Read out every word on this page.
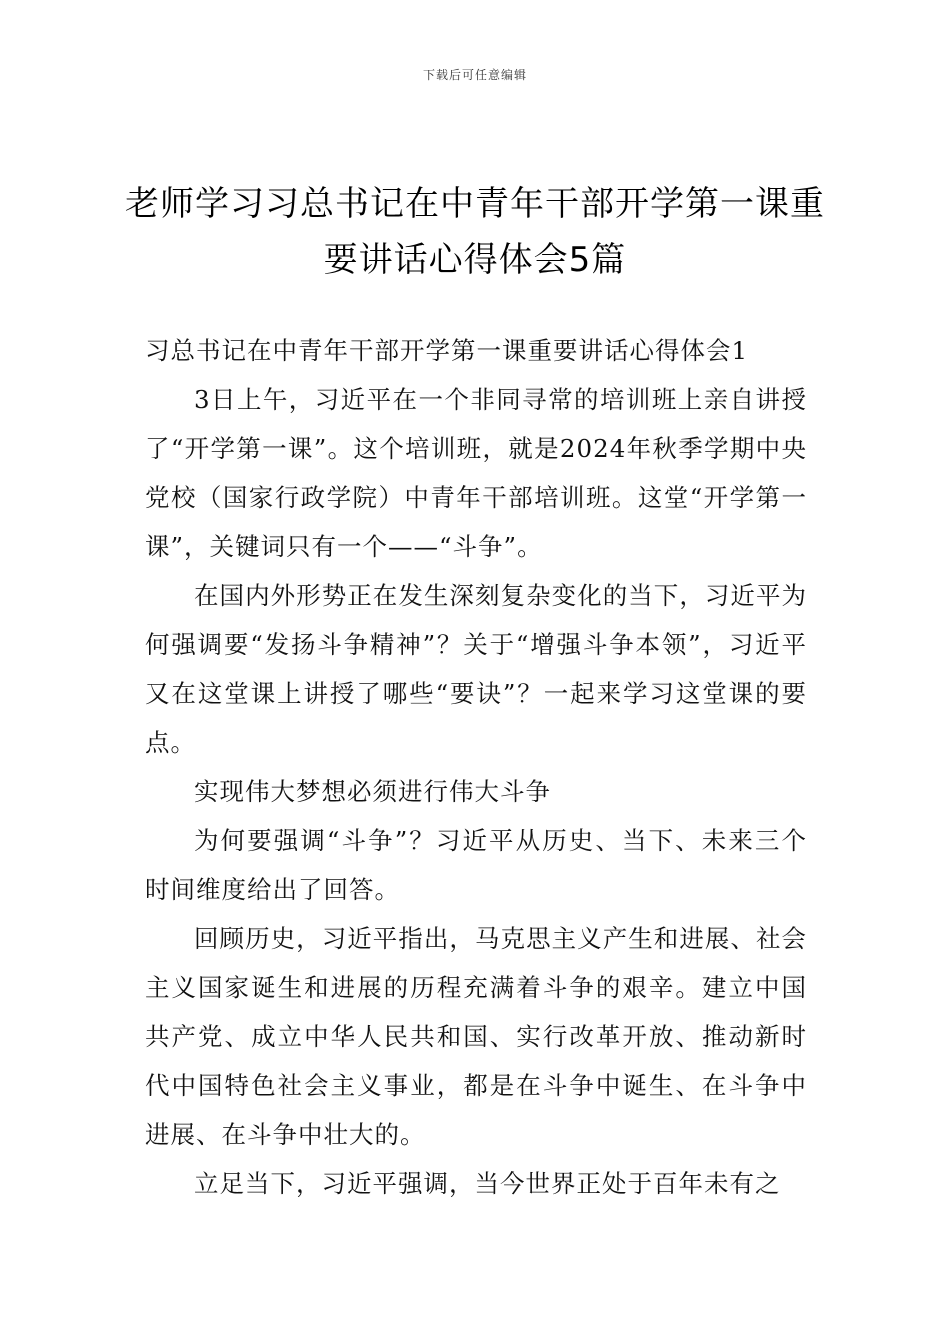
下载后可任意编辑
老师学习习总书记在中青年干部开学第一课重要讲话心得体会5篇

习总书记在中青年干部开学第一课重要讲话心得体会1

3日上午，习近平在一个非同寻常的培训班上亲自讲授了“开学第一课”。这个培训班，就是2024年秋季学期中央党校（国家行政学院）中青年干部培训班。这堂“开学第一课”，关键词只有一个——“斗争”。

在国内外形势正在发生深刻复杂变化的当下，习近平为何强调要“发扬斗争精神”？关于“增强斗争本领”，习近平又在这堂课上讲授了哪些“要诀”？一起来学习这堂课的要点。

实现伟大梦想必须进行伟大斗争

为何要强调“斗争”？习近平从历史、当下、未来三个时间维度给出了回答。

回顾历史，习近平指出，马克思主义产生和进展、社会主义国家诞生和进展的历程充满着斗争的艰辛。建立中国共产党、成立中华人民共和国、实行改革开放、推动新时代中国特色社会主义事业，都是在斗争中诞生、在斗争中进展、在斗争中壮大的。

立足当下，习近平强调，当今世界正处于百年未有之
